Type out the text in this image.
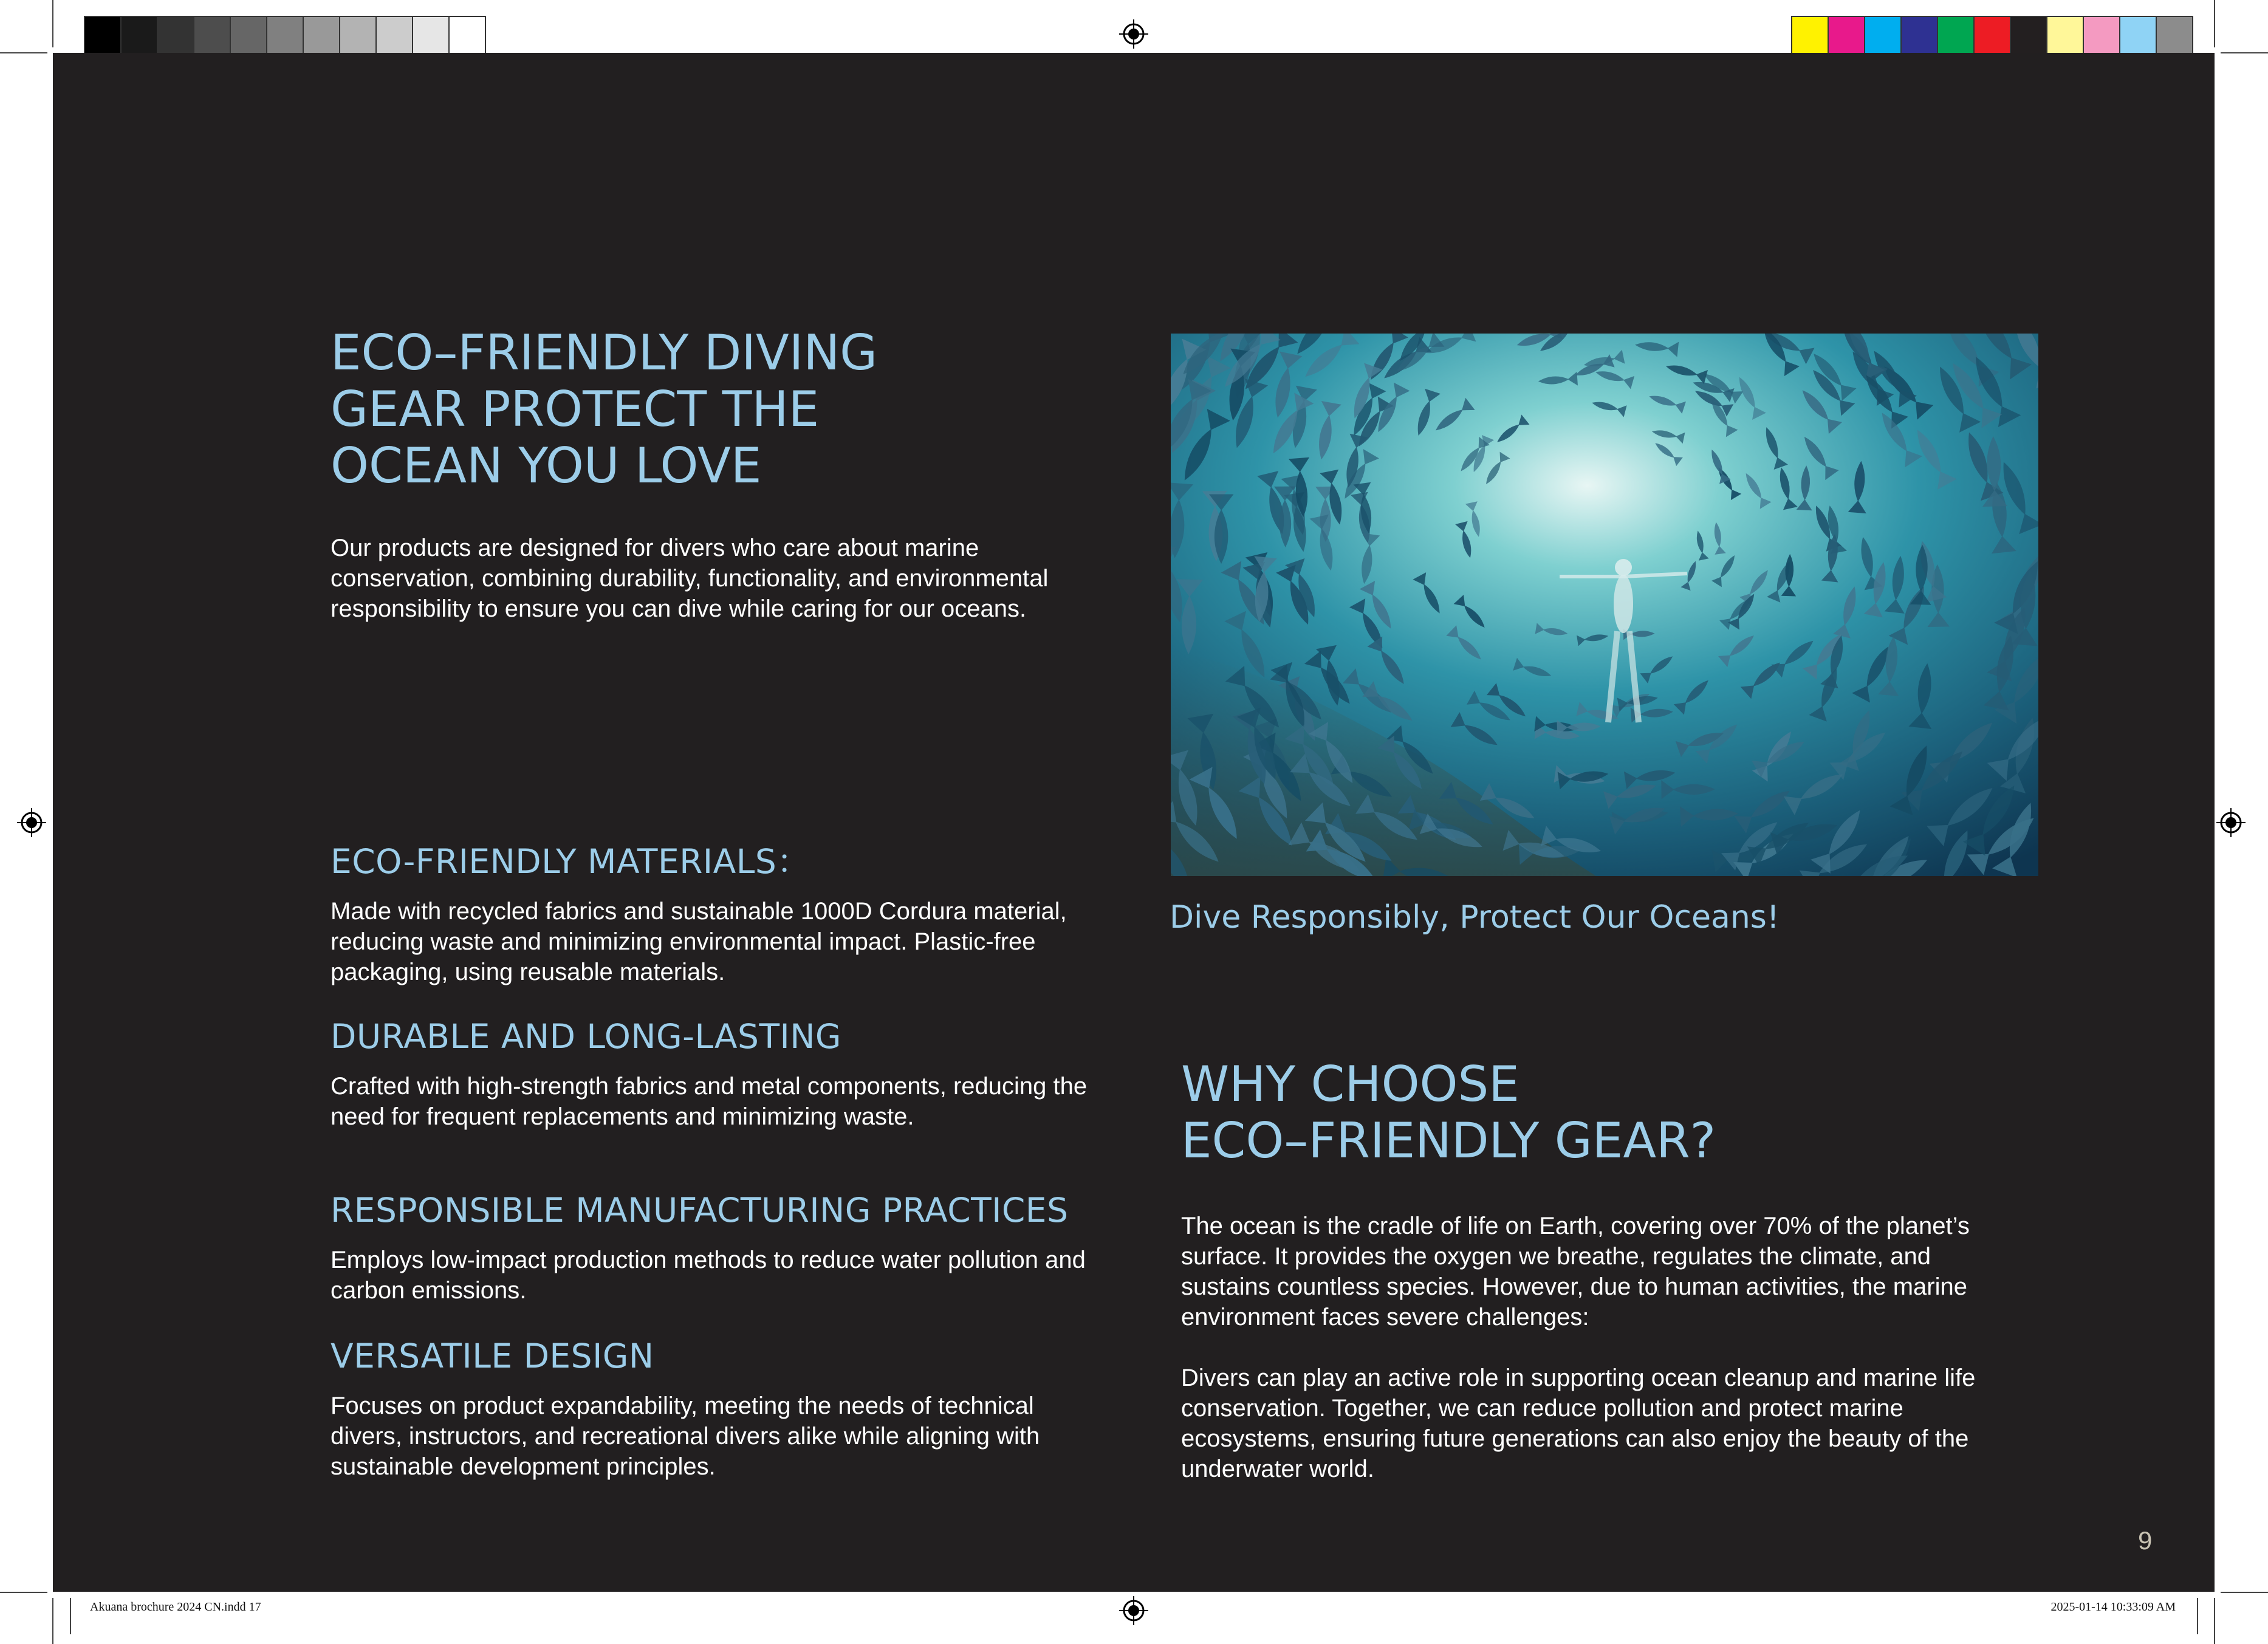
ECO–FRIENDLY DIVING
GEAR PROTECT THE
OCEAN YOU LOVE

Our products are designed for divers who care about marine conservation, combining durability, functionality, and environmental responsibility to ensure you can dive while caring for our oceans.

ECO-FRIENDLY MATERIALS：

Made with recycled fabrics and sustainable 1000D Cordura material, reducing waste and minimizing environmental impact. Plastic-free packaging, using reusable materials.

DURABLE AND LONG-LASTING

Crafted with high-strength fabrics and metal components, reducing the need for frequent replacements and minimizing waste.

RESPONSIBLE MANUFACTURING PRACTICES

Employs low-impact production methods to reduce water pollution and carbon emissions.

VERSATILE DESIGN

Focuses on product expandability, meeting the needs of technical divers, instructors, and recreational divers alike while aligning with sustainable development principles.

Dive Responsibly, Protect Our Oceans!

WHY CHOOSE
ECO–FRIENDLY GEAR?

The ocean is the cradle of life on Earth, covering over 70% of the planet’s surface. It provides the oxygen we breathe, regulates the climate, and sustains countless species. However, due to human activities, the marine environment faces severe challenges:

Divers can play an active role in supporting ocean cleanup and marine life conservation. Together, we can reduce pollution and protect marine ecosystems, ensuring future generations can also enjoy the beauty of the underwater world.

9
Akuana brochure 2024 CN.indd 17	2025-01-14 10:33:09 AM
